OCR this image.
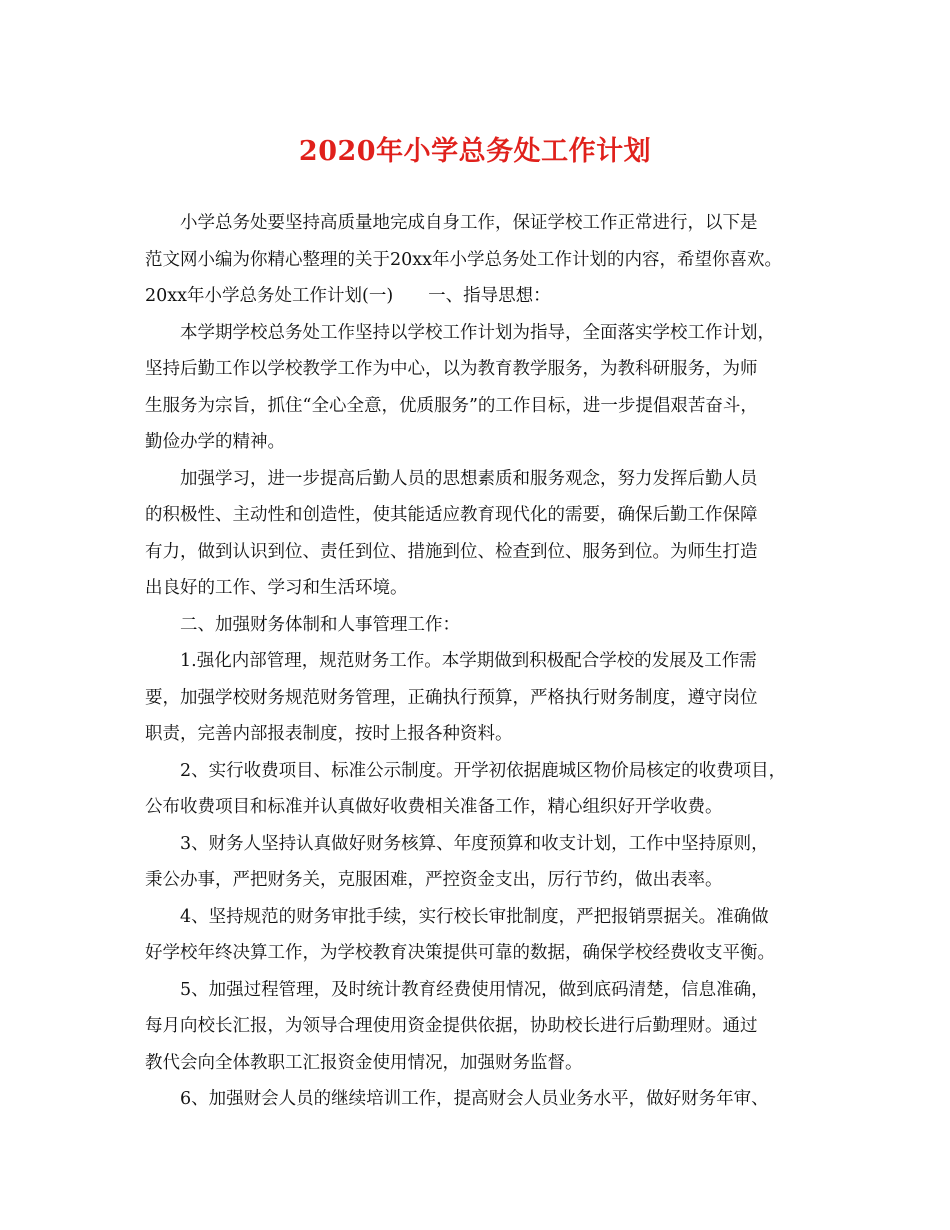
2020年小学总务处工作计划
小学总务处要坚持高质量地完成自身工作，保证学校工作正常进行，以下是
范文网小编为你精心整理的关于20xx年小学总务处工作计划的内容，希望你喜欢。
20xx年小学总务处工作计划(一)　　一、指导思想：
本学期学校总务处工作坚持以学校工作计划为指导，全面落实学校工作计划，
坚持后勤工作以学校教学工作为中心，以为教育教学服务，为教科研服务，为师
生服务为宗旨，抓住“全心全意，优质服务”的工作目标，进一步提倡艰苦奋斗，
勤俭办学的精神。
加强学习，进一步提高后勤人员的思想素质和服务观念，努力发挥后勤人员
的积极性、主动性和创造性，使其能适应教育现代化的需要，确保后勤工作保障
有力，做到认识到位、责任到位、措施到位、检查到位、服务到位。为师生打造
出良好的工作、学习和生活环境。
二、加强财务体制和人事管理工作：
1.强化内部管理，规范财务工作。本学期做到积极配合学校的发展及工作需
要，加强学校财务规范财务管理，正确执行预算，严格执行财务制度，遵守岗位
职责，完善内部报表制度，按时上报各种资料。
2、实行收费项目、标准公示制度。开学初依据鹿城区物价局核定的收费项目，
公布收费项目和标准并认真做好收费相关准备工作，精心组织好开学收费。
3、财务人坚持认真做好财务核算、年度预算和收支计划，工作中坚持原则，
秉公办事，严把财务关，克服困难，严控资金支出，厉行节约，做出表率。
4、坚持规范的财务审批手续，实行校长审批制度，严把报销票据关。准确做
好学校年终决算工作，为学校教育决策提供可靠的数据，确保学校经费收支平衡。
5、加强过程管理，及时统计教育经费使用情况，做到底码清楚，信息准确，
每月向校长汇报，为领导合理使用资金提供依据，协助校长进行后勤理财。通过
教代会向全体教职工汇报资金使用情况，加强财务监督。
6、加强财会人员的继续培训工作，提高财会人员业务水平，做好财务年审、
